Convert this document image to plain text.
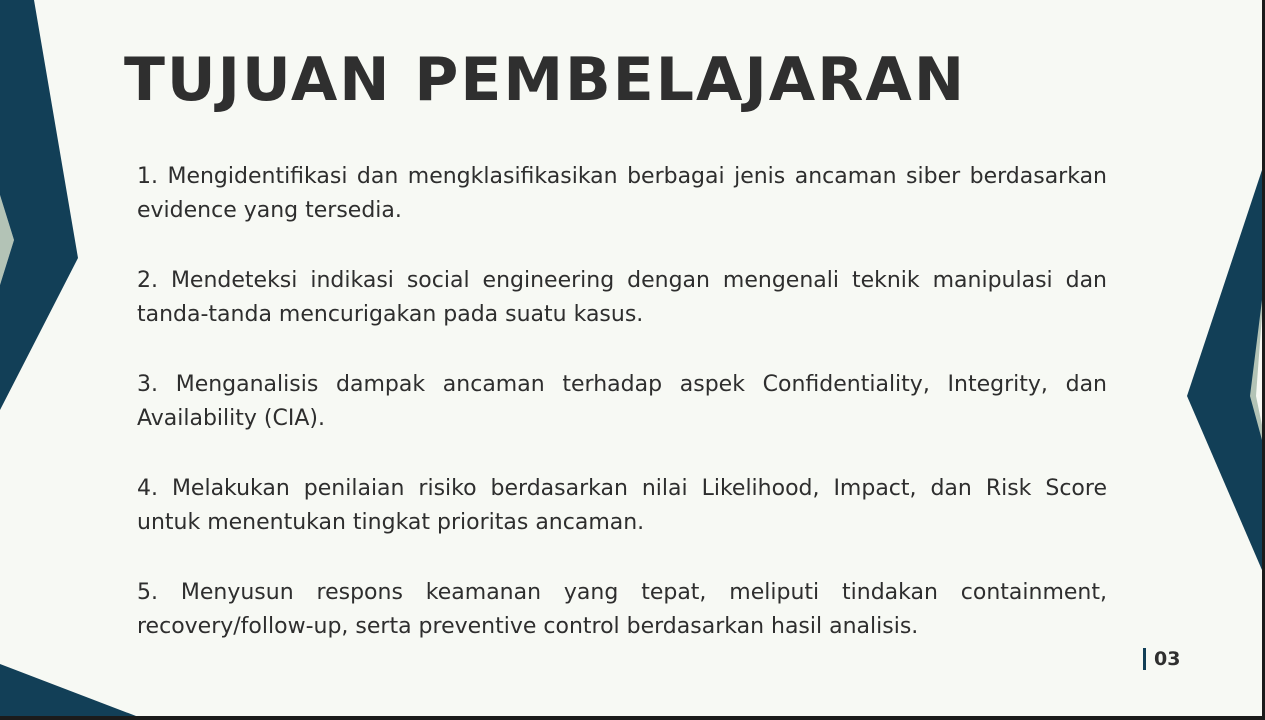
TUJUAN PEMBELAJARAN
1. Mengidentifikasi dan mengklasifikasikan berbagai jenis ancaman siber berdasarkan evidence yang tersedia.
2. Mendeteksi indikasi social engineering dengan mengenali teknik manipulasi dan tanda-tanda mencurigakan pada suatu kasus.
3. Menganalisis dampak ancaman terhadap aspek Confidentiality, Integrity, dan Availability (CIA).
4. Melakukan penilaian risiko berdasarkan nilai Likelihood, Impact, dan Risk Score untuk menentukan tingkat prioritas ancaman.
5. Menyusun respons keamanan yang tepat, meliputi tindakan containment, recovery/follow-up, serta preventive control berdasarkan hasil analisis.
03
